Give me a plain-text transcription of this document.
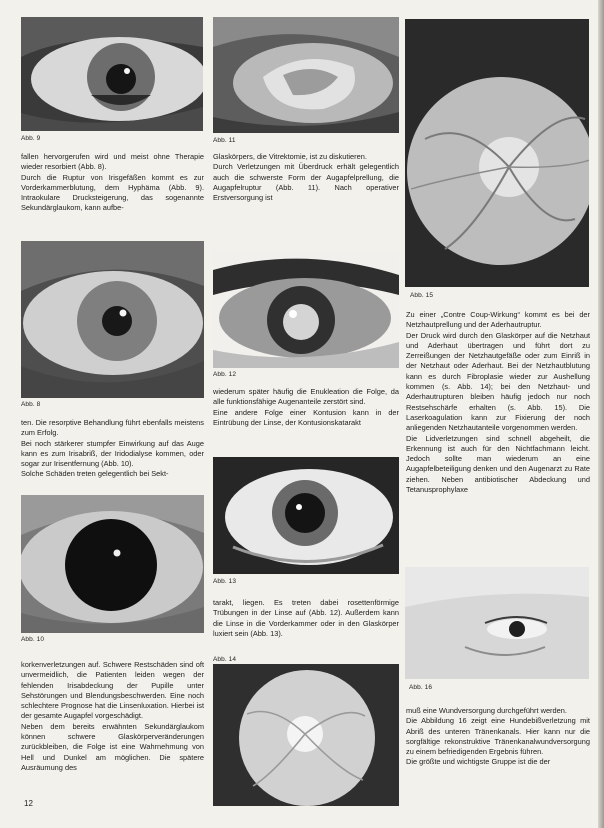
Abb. 9	Abb. 11
Abb. 15

fallen hervorgerufen wird und meist ohne Therapie wieder resorbiert (Abb. 8).

Durch die Ruptur von Irisgefäßen kommt es zur Vorderkammerblutung, dem Hyphäma (Abb. 9). Intraokulare Drucksteigerung, das sogenannte Sekundärglaukom, kann aufbe-

Glaskörpers, die Vitrektomie, ist zu diskutieren.

Durch Verletzungen mit Überdruck erhält gelegentlich auch die schwerste Form der Augapfelprellung, die Augapfelruptur (Abb. 11). Nach operativer Erstversorgung ist

Abb. 8
Abb. 12

wiederum später häufig die Enukleation die Folge, da alle funktionsfähige Augenanteile zerstört sind.

Eine andere Folge einer Kontusion kann in der Eintrübung der Linse, der Kontusionskatarakt

Zu einer „Contre Coup-Wirkung“ kommt es bei der Netzhautprellung und der Aderhautruptur.

Der Druck wird durch den Glaskörper auf die Netzhaut und Aderhaut übertragen und führt dort zu Zerreißungen der Netzhautgefäße oder zum Einriß in der Netzhaut oder Aderhaut. Bei der Netzhautblutung kann es durch Fibroplasie wieder zur Aushellung kommen (s. Abb. 14); bei den Netzhaut- und Aderhautrupturen bleiben häufig jedoch nur noch Restsehschärfe erhalten (s. Abb. 15). Die Laserkoagulation kann zur Fixierung der noch anliegenden Netzhautanteile vorgenommen werden.

Die Lidverletzungen sind schnell abgeheilt, die Erkennung ist auch für den Nichtfachmann leicht. Jedoch sollte man wiederum an eine Augapfelbeteiligung denken und den Augenarzt zu Rate ziehen. Neben antibiotischer Abdeckung und Tetanusprophylaxe

ten. Die resorptive Behandlung führt ebenfalls meistens zum Erfolg.

Bei noch stärkerer stumpfer Einwirkung auf das Auge kann es zum Irisabriß, der Iridodialyse kommen, oder sogar zur Irisentfernung (Abb. 10).

Solche Schäden treten gelegentlich bei Sekt-

Abb. 13
Abb. 10

tarakt, liegen. Es treten dabei rosettenförmige Trübungen in der Linse auf (Abb. 12). Außerdem kann die Linse in die Vorderkammer oder in den Glaskörper luxiert sein (Abb. 13).

Abb. 16
Abb. 14

korkenverletzungen auf. Schwere Restschäden sind oft unvermeidlich, die Patienten leiden wegen der fehlenden Irisabdeckung der Pupille unter Sehstörungen und Blendungsbeschwerden. Eine noch schlechtere Prognose hat die Linsenluxation. Hierbei ist der gesamte Augapfel vorgeschädigt.

Neben dem bereits erwähnten Sekundärglaukom können schwere Glaskörperveränderungen zurückbleiben, die Folge ist eine Wahrnehmung von Hell und Dunkel am möglichen. Die spätere Ausräumung des

muß eine Wundversorgung durchgeführt werden.

Die Abbildung 16 zeigt eine Hundebißverletzung mit Abriß des unteren Tränenkanals. Hier kann nur die sorgfältige rekonstruktive Tränenkanalwundversorgung zu einem befriedigenden Ergebnis führen.

Die größte und wichtigste Gruppe ist die der

12
